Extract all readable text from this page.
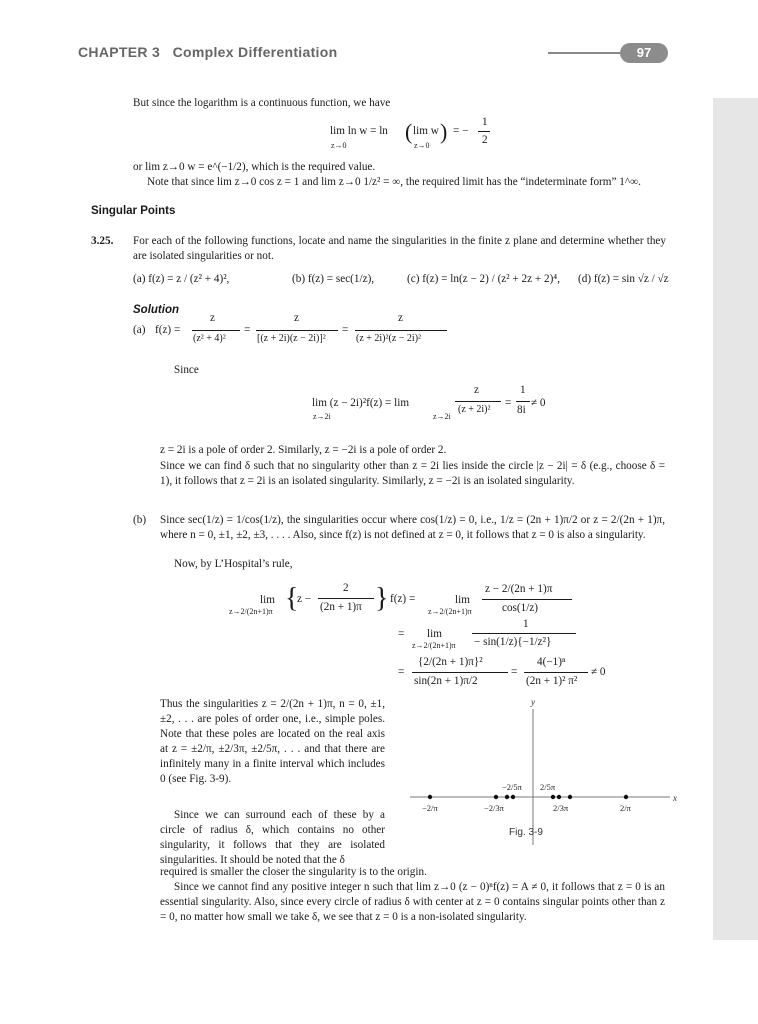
CHAPTER 3 Complex Differentiation	97
But since the logarithm is a continuous function, we have
lim ln w = ln ( lim w )
z→0	z→0
= −
1
2
or lim z→0 w = e^(−1/2), which is the required value.
Note that since lim z→0 cos z = 1 and lim z→0 1/z² = ∞, the required limit has the “indeterminate form” 1^∞.
Singular Points
3.25. For each of the following functions, locate and name the singularities in the finite z plane and determine whether they are isolated singularities or not.
(a) f(z) = z / (z² + 4)²,	(b) f(z) = sec(1/z),	(c) f(z) = ln(z − 2) / (z² + 2z + 2)⁴, (d) f(z) = sin √z / √z
Solution
(a) f(z) =
z
(z² + 4)²
=
z
[(z + 2i)(z − 2i)]²
=
z
(z + 2i)²(z − 2i)²
Since
lim (z − 2i)²f(z) = lim
z→2i	z→2i
z
(z + 2i)²
=
1
8i
≠ 0
z = 2i is a pole of order 2. Similarly, z = −2i is a pole of order 2.
Since we can find δ such that no singularity other than z = 2i lies inside the circle |z − 2i| = δ (e.g., choose δ = 1), it follows that z = 2i is an isolated singularity. Similarly, z = −2i is an isolated singularity.
(b) Since sec(1/z) = 1/cos(1/z), the singularities occur where cos(1/z) = 0, i.e., 1/z = (2n + 1)π/2 or z = 2/(2n + 1)π, where n = 0, ±1, ±2, ±3, . . . . Also, since f(z) is not defined at z = 0, it follows that z = 0 is also a singularity.
Now, by L’Hospital’s rule,
lim
z→2/(2n+1)π {
z −
2
(2n + 1)π } f(z) =	lim
z→2/(2n+1)π
z − 2/(2n + 1)π
cos(1/z)
= lim
z→2/(2n+1)π
1
− sin(1/z){−1/z²}
=
{2/(2n + 1)π}²
sin(2n + 1)π/2
=
4(−1)ⁿ
(2n + 1)² π²
≠ 0
Thus the singularities z = 2/(2n + 1)π, n = 0, ±1, ±2, . . . are poles of order one, i.e., simple poles. Note that these poles are located on the real axis at z = ±2/π, ±2/3π, ±2/5π, . . . and that there are infinitely many in a finite interval which includes 0 (see Fig. 3-9).
Since we can surround each of these by a circle of radius δ, which contains no other singularity, it follows that they are isolated singularities. It should be noted that the δ
required is smaller the closer the singularity is to the origin.
Since we cannot find any positive integer n such that lim z→0 (z − 0)ⁿf(z) = A ≠ 0, it follows that z = 0 is an essential singularity. Also, since every circle of radius δ with center at z = 0 contains singular points other than z = 0, no matter how small we take δ, we see that z = 0 is a non-isolated singularity.
y
x
−2/5π 2/5π
−2/π	−2/3π	2/3π	2/π
Fig. 3-9
